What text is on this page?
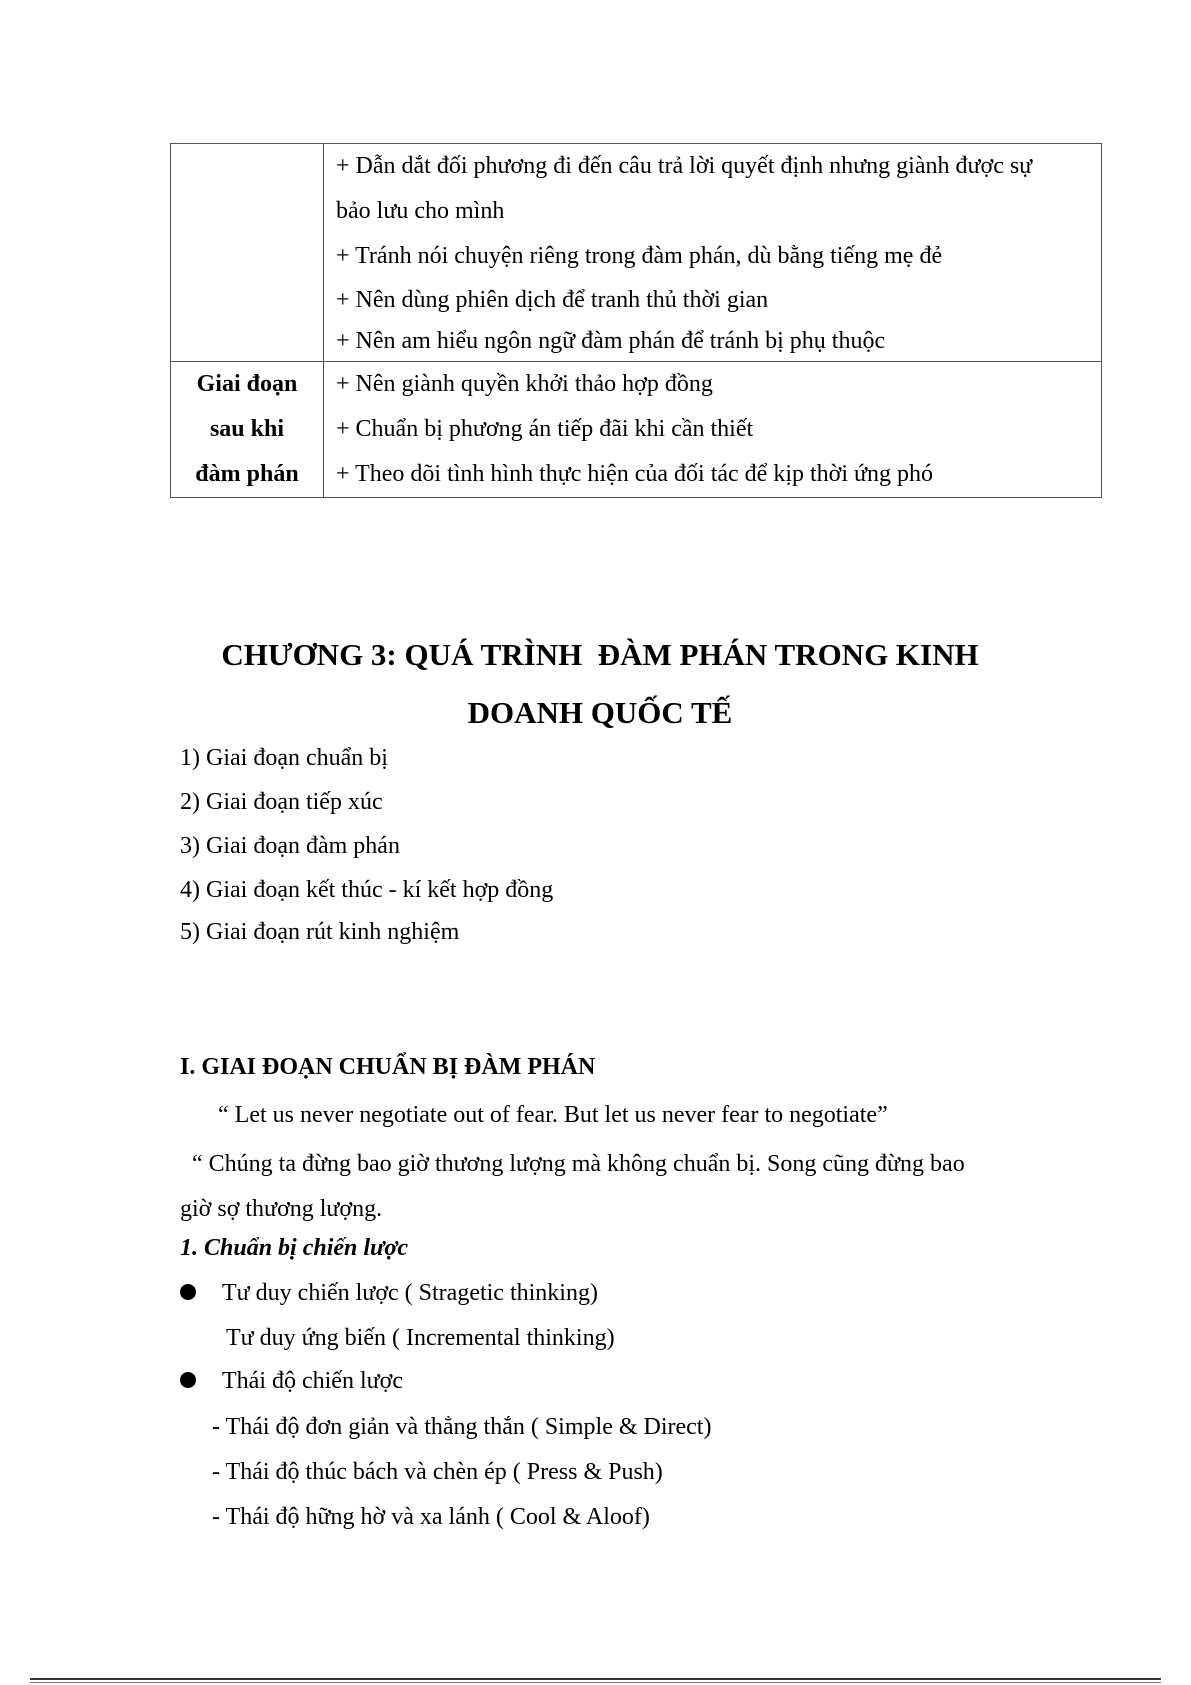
	+ Dẫn dắt đối phương đi đến câu trả lời quyết định nhưng giành được sự
bảo lưu cho mình
+ Tránh nói chuyện riêng trong đàm phán, dù bằng tiếng mẹ đẻ
+ Nên dùng phiên dịch để tranh thủ thời gian
+ Nên am hiểu ngôn ngữ đàm phán để tránh bị phụ thuộc

Giai đoạn
sau khi
đàm phán	+ Nên giành quyền khởi thảo hợp đồng
+ Chuẩn bị phương án tiếp đãi khi cần thiết
+ Theo dõi tình hình thực hiện của đối tác để kịp thời ứng phó
CHƯƠNG 3: QUÁ TRÌNH  ĐÀM PHÁN TRONG KINH
DOANH QUỐC TẾ
1) Giai đoạn chuẩn bị
2) Giai đoạn tiếp xúc
3) Giai đoạn đàm phán
4) Giai đoạn kết thúc - kí kết hợp đồng
5) Giai đoạn rút kinh nghiệm
I. GIAI ĐOẠN CHUẨN BỊ ĐÀM PHÁN
“ Let us never negotiate out of fear. But let us never fear to negotiate”
“ Chúng ta đừng bao giờ thương lượng mà không chuẩn bị. Song cũng đừng bao giờ sợ thương lượng.
1. Chuẩn bị chiến lược
Tư duy chiến lược ( Stragetic thinking)
Tư duy ứng biến ( Incremental thinking)
Thái độ chiến lược
- Thái độ đơn giản và thẳng thắn ( Simple & Direct)
- Thái độ thúc bách và chèn ép ( Press & Push)
- Thái độ hững hờ và xa lánh ( Cool & Aloof)
